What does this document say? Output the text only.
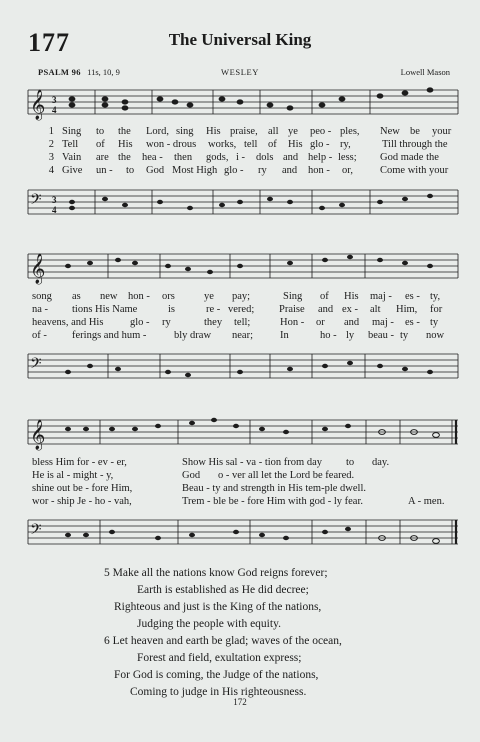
177	The Universal King
PSALM 96 11s, 10, 9	WESLEY	Lowell Mason
𝄞 3
4
1 Sing to the Lord, sing His praise, all ye peo - ples, New be your
2 Tell of His won - drous works, tell of His glo - ry,	Till through the
3 Vain are the hea - then gods, i - dols and help - less; God made the
4 Give un - to God Most High glo - ry and hon - or,	Come with your
𝄢 3
4
𝄞
song as new hon - ors	ye pay;	Sing of His maj - es - ty,
na - tions His Name	is	re - vered; Praise and ex - alt Him, for
heavens, and His	glo - ry	they tell;	Hon - or and maj - es - ty
of - ferings and hum -	bly draw near;	In	ho - ly beau - ty now
𝄢
𝄞
bless Him for - ev - er,	Show His sal - va - tion from day to day.
He is al - might - y,	God o - ver all let the Lord be feared.
shine out be - fore Him,	Beau - ty and strength in His tem-ple dwell.
wor - ship Je - ho - vah,	Trem - ble be - fore Him with god - ly fear.	A - men.
𝄢
5 Make all the nations know God reigns forever;
Earth is established as He did decree;
Righteous and just is the King of the nations,
Judging the people with equity.
6 Let heaven and earth be glad; waves of the ocean,
Forest and field, exultation express;
For God is coming, the Judge of the nations,
Coming to judge in His righteousness.
172
